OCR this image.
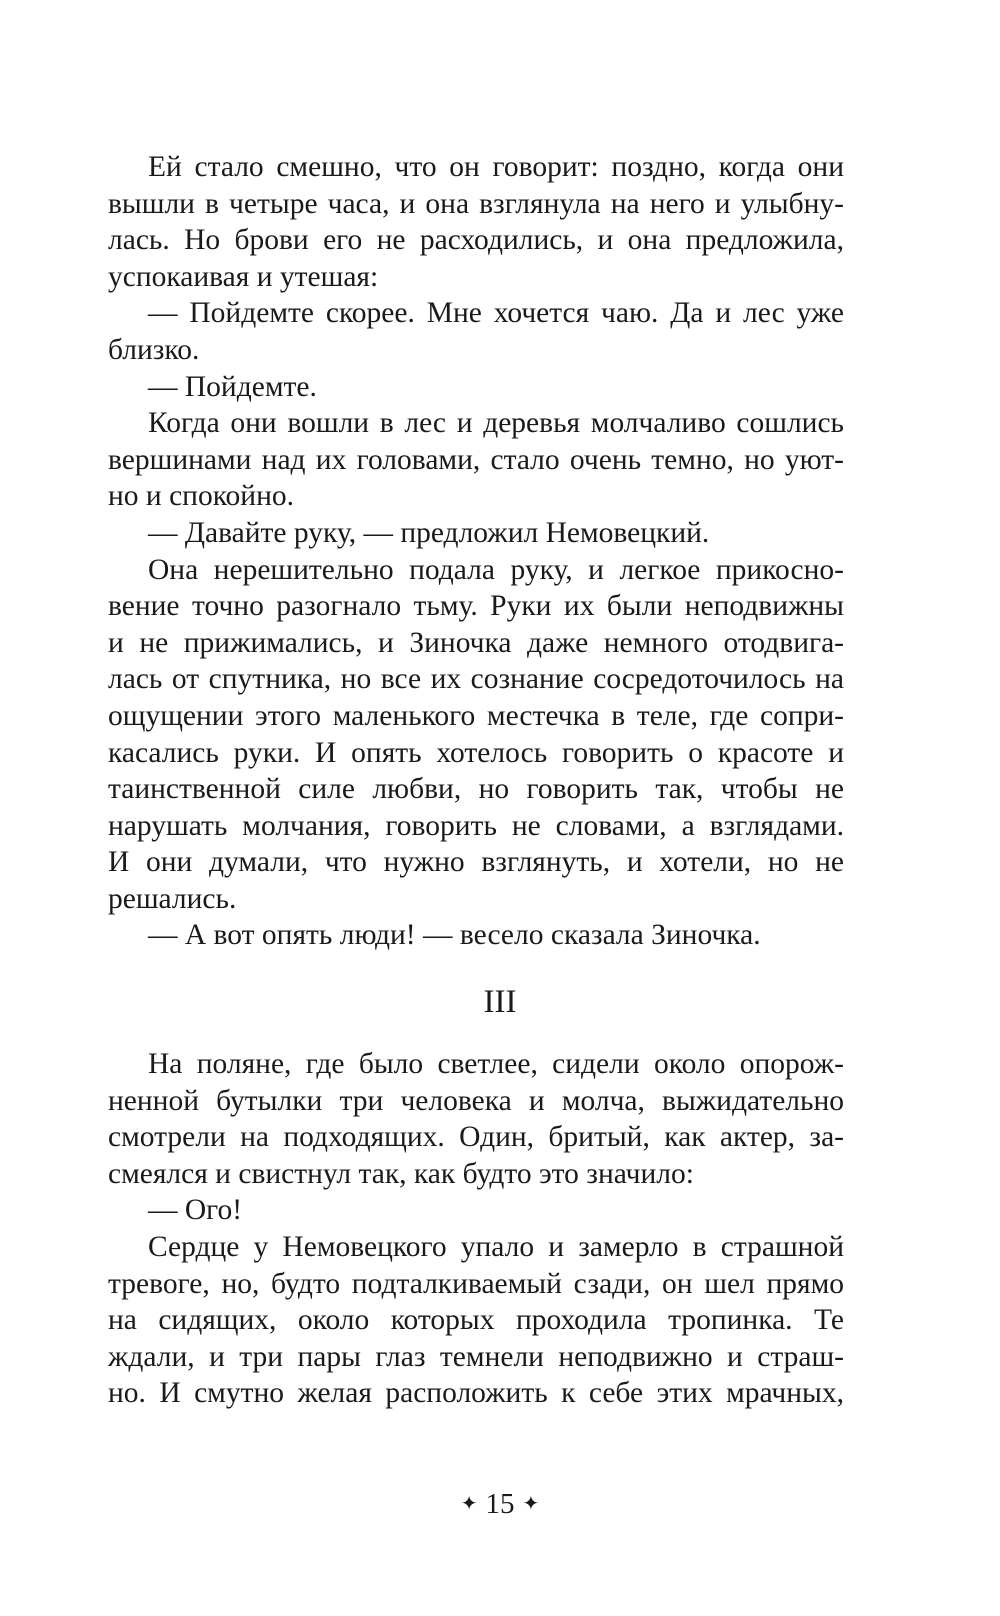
Ей стало смешно, что он говорит: поздно, когда они
вышли в четыре часа, и она взглянула на него и улыбну-
лась. Но брови его не расходились, и она предложила,
успокаивая и утешая:
— Пойдемте скорее. Мне хочется чаю. Да и лес уже
близко.
— Пойдемте.
Когда они вошли в лес и деревья молчаливо сошлись
вершинами над их головами, стало очень темно, но уют-
но и спокойно.
— Давайте руку, — предложил Немовецкий.
Она нерешительно подала руку, и легкое прикоснo-
вение точно разогнало тьму. Руки их были неподвижны
и не прижимались, и Зиночка даже немного отодвига-
лась от спутника, но все их сознание сосредоточилось на
ощущении этого маленького местечка в теле, где сопри-
касались руки. И опять хотелось говорить о красоте и
таинственной силе любви, но говорить так, чтобы не
нарушать молчания, говорить не словами, а взглядами.
И они думали, что нужно взглянуть, и хотели, но не
решались.
— А вот опять люди! — весело сказала Зиночка.
III
На поляне, где было светлее, сидели около опорож-
ненной бутылки три человека и молча, выжидательно
смотрели на подходящих. Один, бритый, как актер, за-
смеялся и свистнул так, как будто это значило:
— Ого!
Сердце у Немовецкого упало и замерло в страшной
тревоге, но, будто подталкиваемый сзади, он шел прямо
на сидящих, около которых проходила тропинка. Те
ждали, и три пары глаз темнели неподвижно и страш-
но. И смутно желая расположить к себе этих мрачных,
✦ 15 ✦
